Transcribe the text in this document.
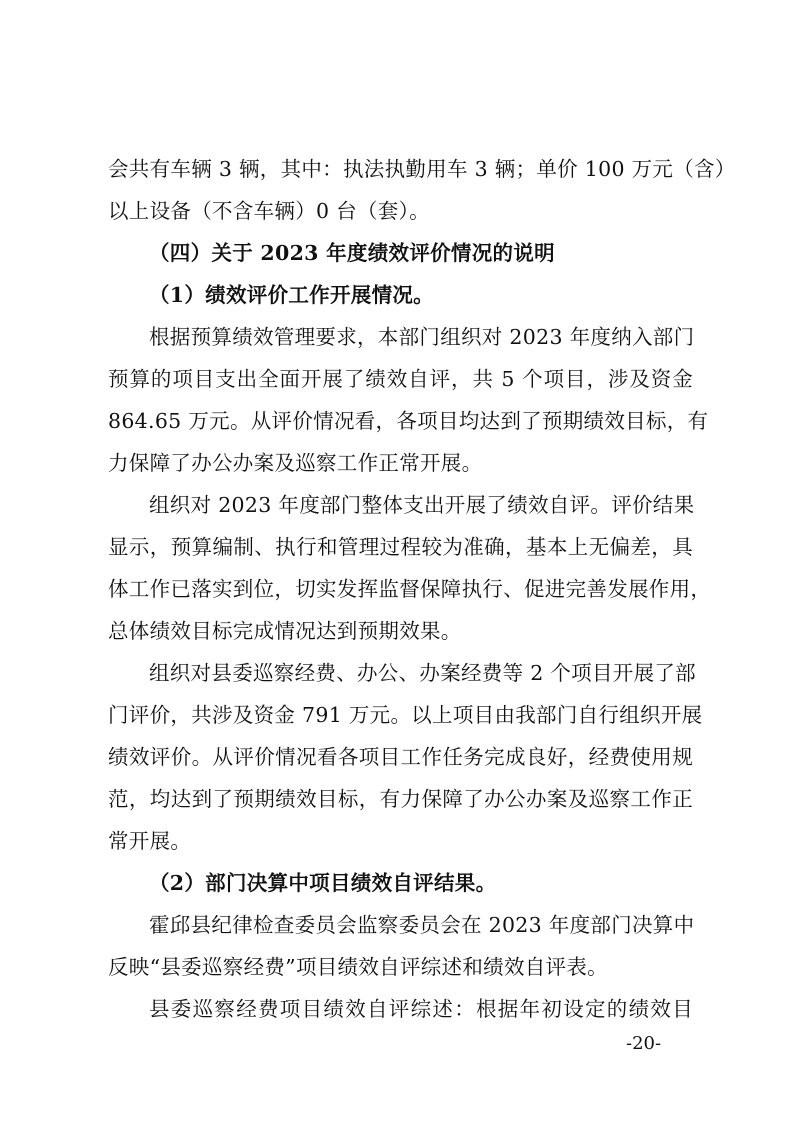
会共有车辆 3 辆，其中：执法执勤用车 3 辆；单价 100 万元（含）
以上设备（不含车辆）0 台（套）。
（四）关于 2023 年度绩效评价情况的说明
（1）绩效评价工作开展情况。
根据预算绩效管理要求，本部门组织对 2023 年度纳入部门
预算的项目支出全面开展了绩效自评，共 5 个项目，涉及资金
864.65 万元。从评价情况看，各项目均达到了预期绩效目标，有
力保障了办公办案及巡察工作正常开展。
组织对 2023 年度部门整体支出开展了绩效自评。评价结果
显示，预算编制、执行和管理过程较为准确，基本上无偏差，具
体工作已落实到位，切实发挥监督保障执行、促进完善发展作用，
总体绩效目标完成情况达到预期效果。
组织对县委巡察经费、办公、办案经费等 2 个项目开展了部
门评价，共涉及资金 791 万元。以上项目由我部门自行组织开展
绩效评价。从评价情况看各项目工作任务完成良好，经费使用规
范，均达到了预期绩效目标，有力保障了办公办案及巡察工作正
常开展。
（2）部门决算中项目绩效自评结果。
霍邱县纪律检查委员会监察委员会在 2023 年度部门决算中
反映“县委巡察经费”项目绩效自评综述和绩效自评表。
县委巡察经费项目绩效自评综述：根据年初设定的绩效目
-20-
